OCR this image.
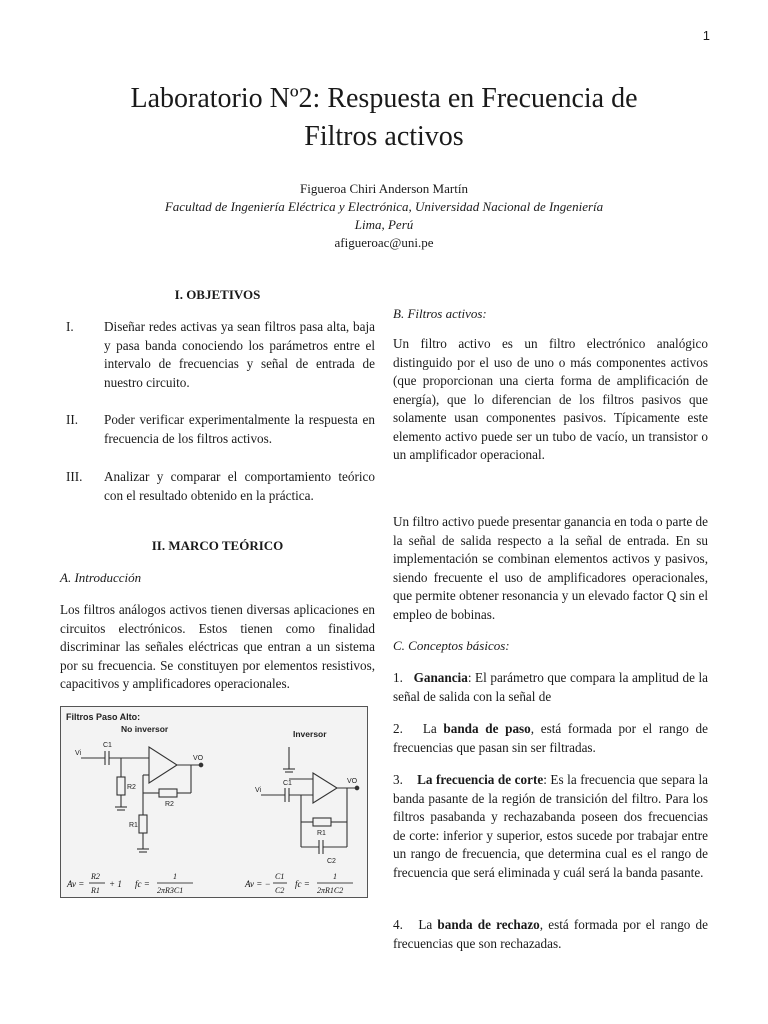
1
Laboratorio Nº2: Respuesta en Frecuencia de
Filtros activos
Figueroa Chiri Anderson Martín
Facultad de Ingeniería Eléctrica y Electrónica, Universidad Nacional de Ingeniería
Lima, Perú
afigueroac@uni.pe
I. OBJETIVOS
I.	Diseñar redes activas ya sean filtros pasa alta, baja y pasa banda conociendo los parámetros entre el intervalo de frecuencias y señal de entrada de nuestro circuito.
II.	Poder verificar experimentalmente la respuesta en frecuencia de los filtros activos.
III.	Analizar y comparar el comportamiento teórico con el resultado obtenido en la práctica.
II. MARCO TEÓRICO
A. Introducción

Los filtros análogos activos tienen diversas aplicaciones en circuitos electrónicos. Estos tienen como finalidad discriminar las señales eléctricas que entran a un sistema por su frecuencia. Se constituyen por elementos resistivos, capacitivos y amplificadores operacionales.

Filtros Paso Alto:
No inversor	Inversor
Vi
C1
R2
R2
R1
VO
Vi
C1
R1
C2
VO
Av =
R2
R1
+ 1 fc =
1
2πR3C1
Av = −
C1
C2
fc =
1
2πR1C2
B. Filtros activos:

Un filtro activo es un filtro electrónico analógico distinguido por el uso de uno o más componentes activos (que proporcionan una cierta forma de amplificación de energía), que lo diferencian de los filtros pasivos que solamente usan componentes pasivos. Típicamente este elemento activo puede ser un tubo de vacío, un transistor o un amplificador operacional.

Un filtro activo puede presentar ganancia en toda o parte de la señal de salida respecto a la señal de entrada. En su implementación se combinan elementos activos y pasivos, siendo frecuente el uso de amplificadores operacionales, que permite obtener resonancia y un elevado factor Q sin el empleo de bobinas.

C. Conceptos básicos:
1. Ganancia: El parámetro que compara la amplitud de la señal de salida con la señal de
2. La banda de paso, está formada por el rango de frecuencias que pasan sin ser filtradas.
3. La frecuencia de corte: Es la frecuencia que separa la banda pasante de la región de transición del filtro. Para los filtros pasabanda y rechazabanda poseen dos frecuencias de corte: inferior y superior, estos sucede por trabajar entre un rango de frecuencia, que determina cual es el rango de frecuencia que será eliminada y cuál será la banda pasante.
4. La banda de rechazo, está formada por el rango de frecuencias que son rechazadas.
